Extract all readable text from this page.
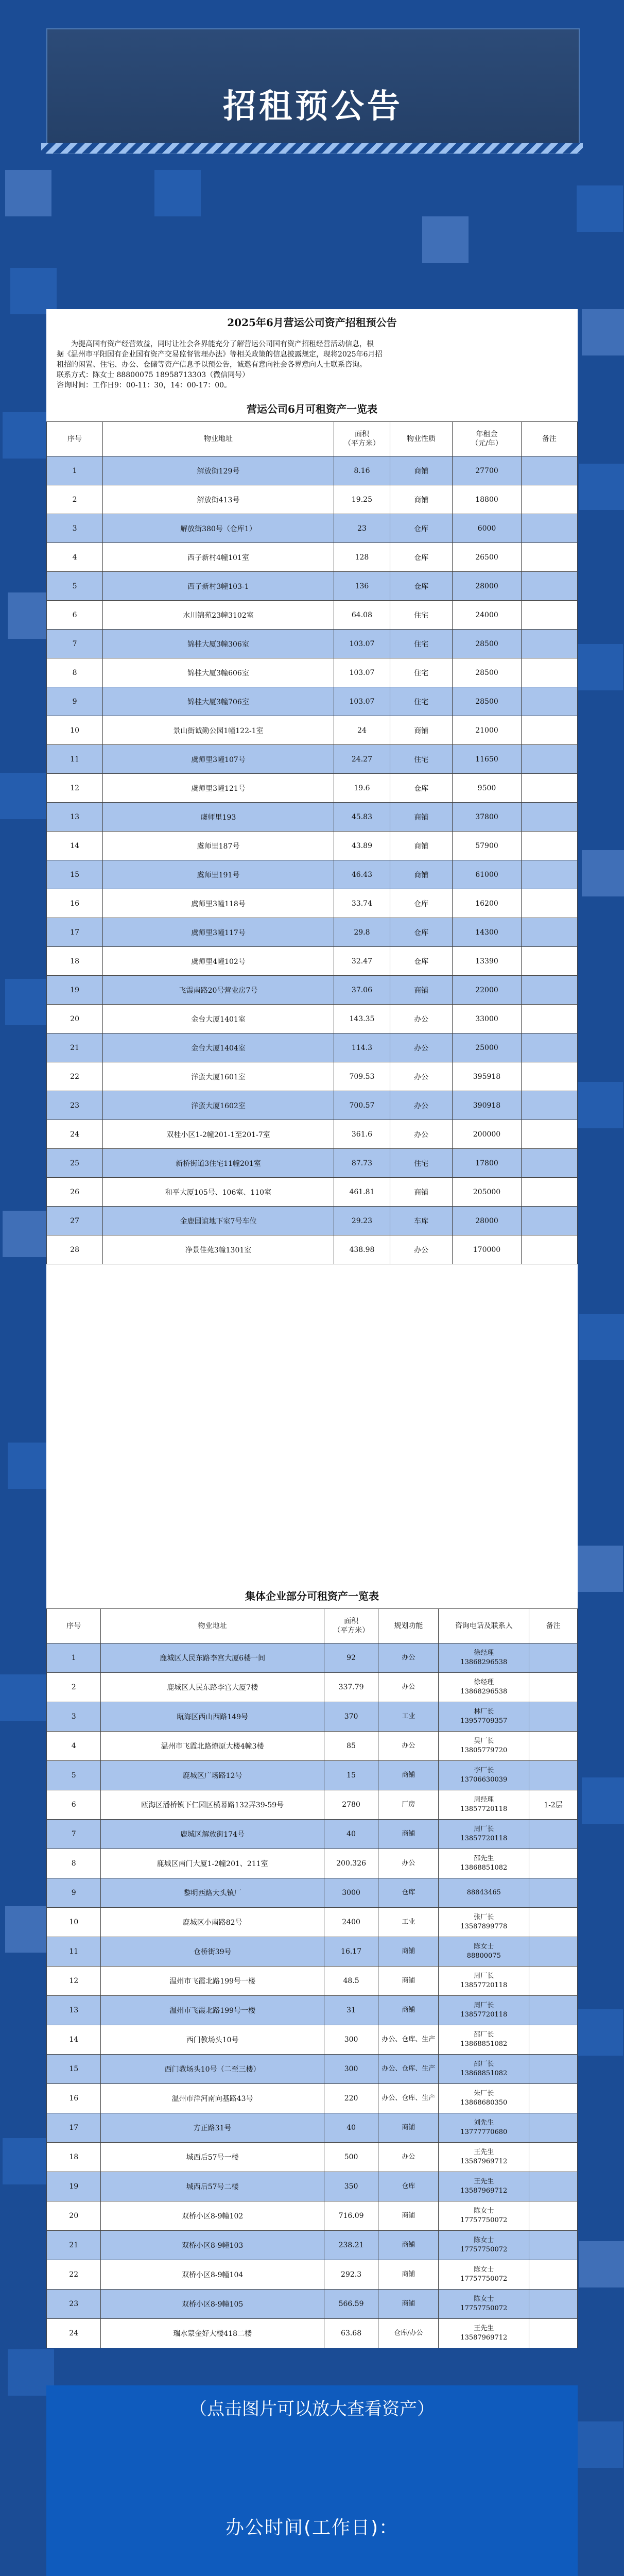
招租预公告
2025年6月营运公司资产招租预公告

为提高国有资产经营效益，同时让社会各界能充分了解营运公司国有资产招租经营活动信息，根

据《温州市平阳国有企业国有资产交易监督管理办法》等相关政策的信息披露规定，现将2025年6月招

租招的闲置、住宅、办公、仓储等资产信息予以预公告，诚邀有意向社会各界意向人士联系咨询。

联系方式：陈女士 88800075 18958713303（微信同号）

咨询时间：工作日9：00-11：30，14：00-17：00。

营运公司6月可租资产一览表					
序号	物业地址	面积
（平方米）	物业性质	年租金
（元/年）	备注
1	解放街129号	8.16	商铺	27700	
2	解放街413号	19.25	商铺	18800	
3	解放街380号（仓库1）	23	仓库	6000	
4	西子新村4幢101室	128	仓库	26500	
5	西子新村3幢103-1	136	仓库	28000	
6	水川锦苑23幢3102室	64.08	住宅	24000	
7	锦桂大厦3幢306室	103.07	住宅	28500	
8	锦桂大厦3幢606室	103.07	住宅	28500	
9	锦桂大厦3幢706室	103.07	住宅	28500	
10	景山街诚勤公园1幢122-1室	24	商铺	21000	
11	虞师里3幢107号	24.27	住宅	11650	
12	虞师里3幢121号	19.6	仓库	9500	
13	虞师里193	45.83	商铺	37800	
14	虞师里187号	43.89	商铺	57900	
15	虞师里191号	46.43	商铺	61000	
16	虞师里3幢118号	33.74	仓库	16200	
17	虞师里3幢117号	29.8	仓库	14300	
18	虞师里4幢102号	32.47	仓库	13390	
19	飞霞南路20号营业房7号	37.06	商铺	22000	
20	金台大厦1401室	143.35	办公	33000	
21	金台大厦1404室	114.3	办公	25000	
22	洋蛮大厦1601室	709.53	办公	395918	
23	洋蛮大厦1602室	700.57	办公	390918	
24	双桂小区1-2幢201-1至201-7室	361.6	办公	200000	
25	新桥街道3住宅11幢201室	87.73	住宅	17800	
26	和平大厦105号、106室、110室	461.81	商铺	205000	
27	金鹿国谊地下室7号车位	29.23	车库	28000	
28	净景佳苑3幢1301室	438.98	办公	170000	
集体企业部分可租资产一览表					
序号	物业地址	面积
（平方米）	规划功能	咨询电话及联系人	备注
1	鹿城区人民东路李宫大厦6楼一间	92	办公	徐经理
13868296538	
2	鹿城区人民东路李宫大厦7楼	337.79	办公	徐经理
13868296538	
3	瓯海区西山西路149号	370	工业	林厂长
13957709357	
4	温州市飞霞北路燎原大楼4幢3楼	85	办公	吴厂长
13805779720	
5	鹿城区广场路12号	15	商铺	李厂长
13706630039	
6	瓯海区潘桥镇下仁园区横幕路132弄39-59号	2780	厂房	周经理
13857720118	1-2层
7	鹿城区解放街174号	40	商铺	周厂长
13857720118	
8	鹿城区南门大厦1-2幢201、211室	200.326	办公	邵先生
13868851082	
9	黎明西路大头镇厂	3000	仓库	88843465	
10	鹿城区小南路82号	2400	工业	张厂长
13587899778	
11	仓桥街39号	16.17	商铺	陈女士
88800075	
12	温州市飞霞北路199号一楼	48.5	商铺	周厂长
13857720118	
13	温州市飞霞北路199号一楼	31	商铺	周厂长
13857720118	
14	西门教场头10号	300	办公、仓库、生产	邵厂长
13868851082	
15	西门教场头10号（二至三楼）	300	办公、仓库、生产	邵厂长
13868851082	
16	温州市洋河南向基路43号	220	办公、仓库、生产	朱厂长
13868680350	
17	方正路31号	40	商铺	刘先生
13777770680	
18	城西后57号一楼	500	办公	王先生
13587969712	
19	城西后57号二楼	350	仓库	王先生
13587969712	
20	双桥小区8-9幢102	716.09	商铺	陈女士
17757750072	
21	双桥小区8-9幢103	238.21	商铺	陈女士
17757750072	
22	双桥小区8-9幢104	292.3	商铺	陈女士
17757750072	
23	双桥小区8-9幢105	566.59	商铺	陈女士
17757750072	
24	瑞水蒙金好大楼418二楼	63.68	仓库/办公	王先生
13587969712	
（点击图片可以放大查看资产）
办公时间(工作日)：
